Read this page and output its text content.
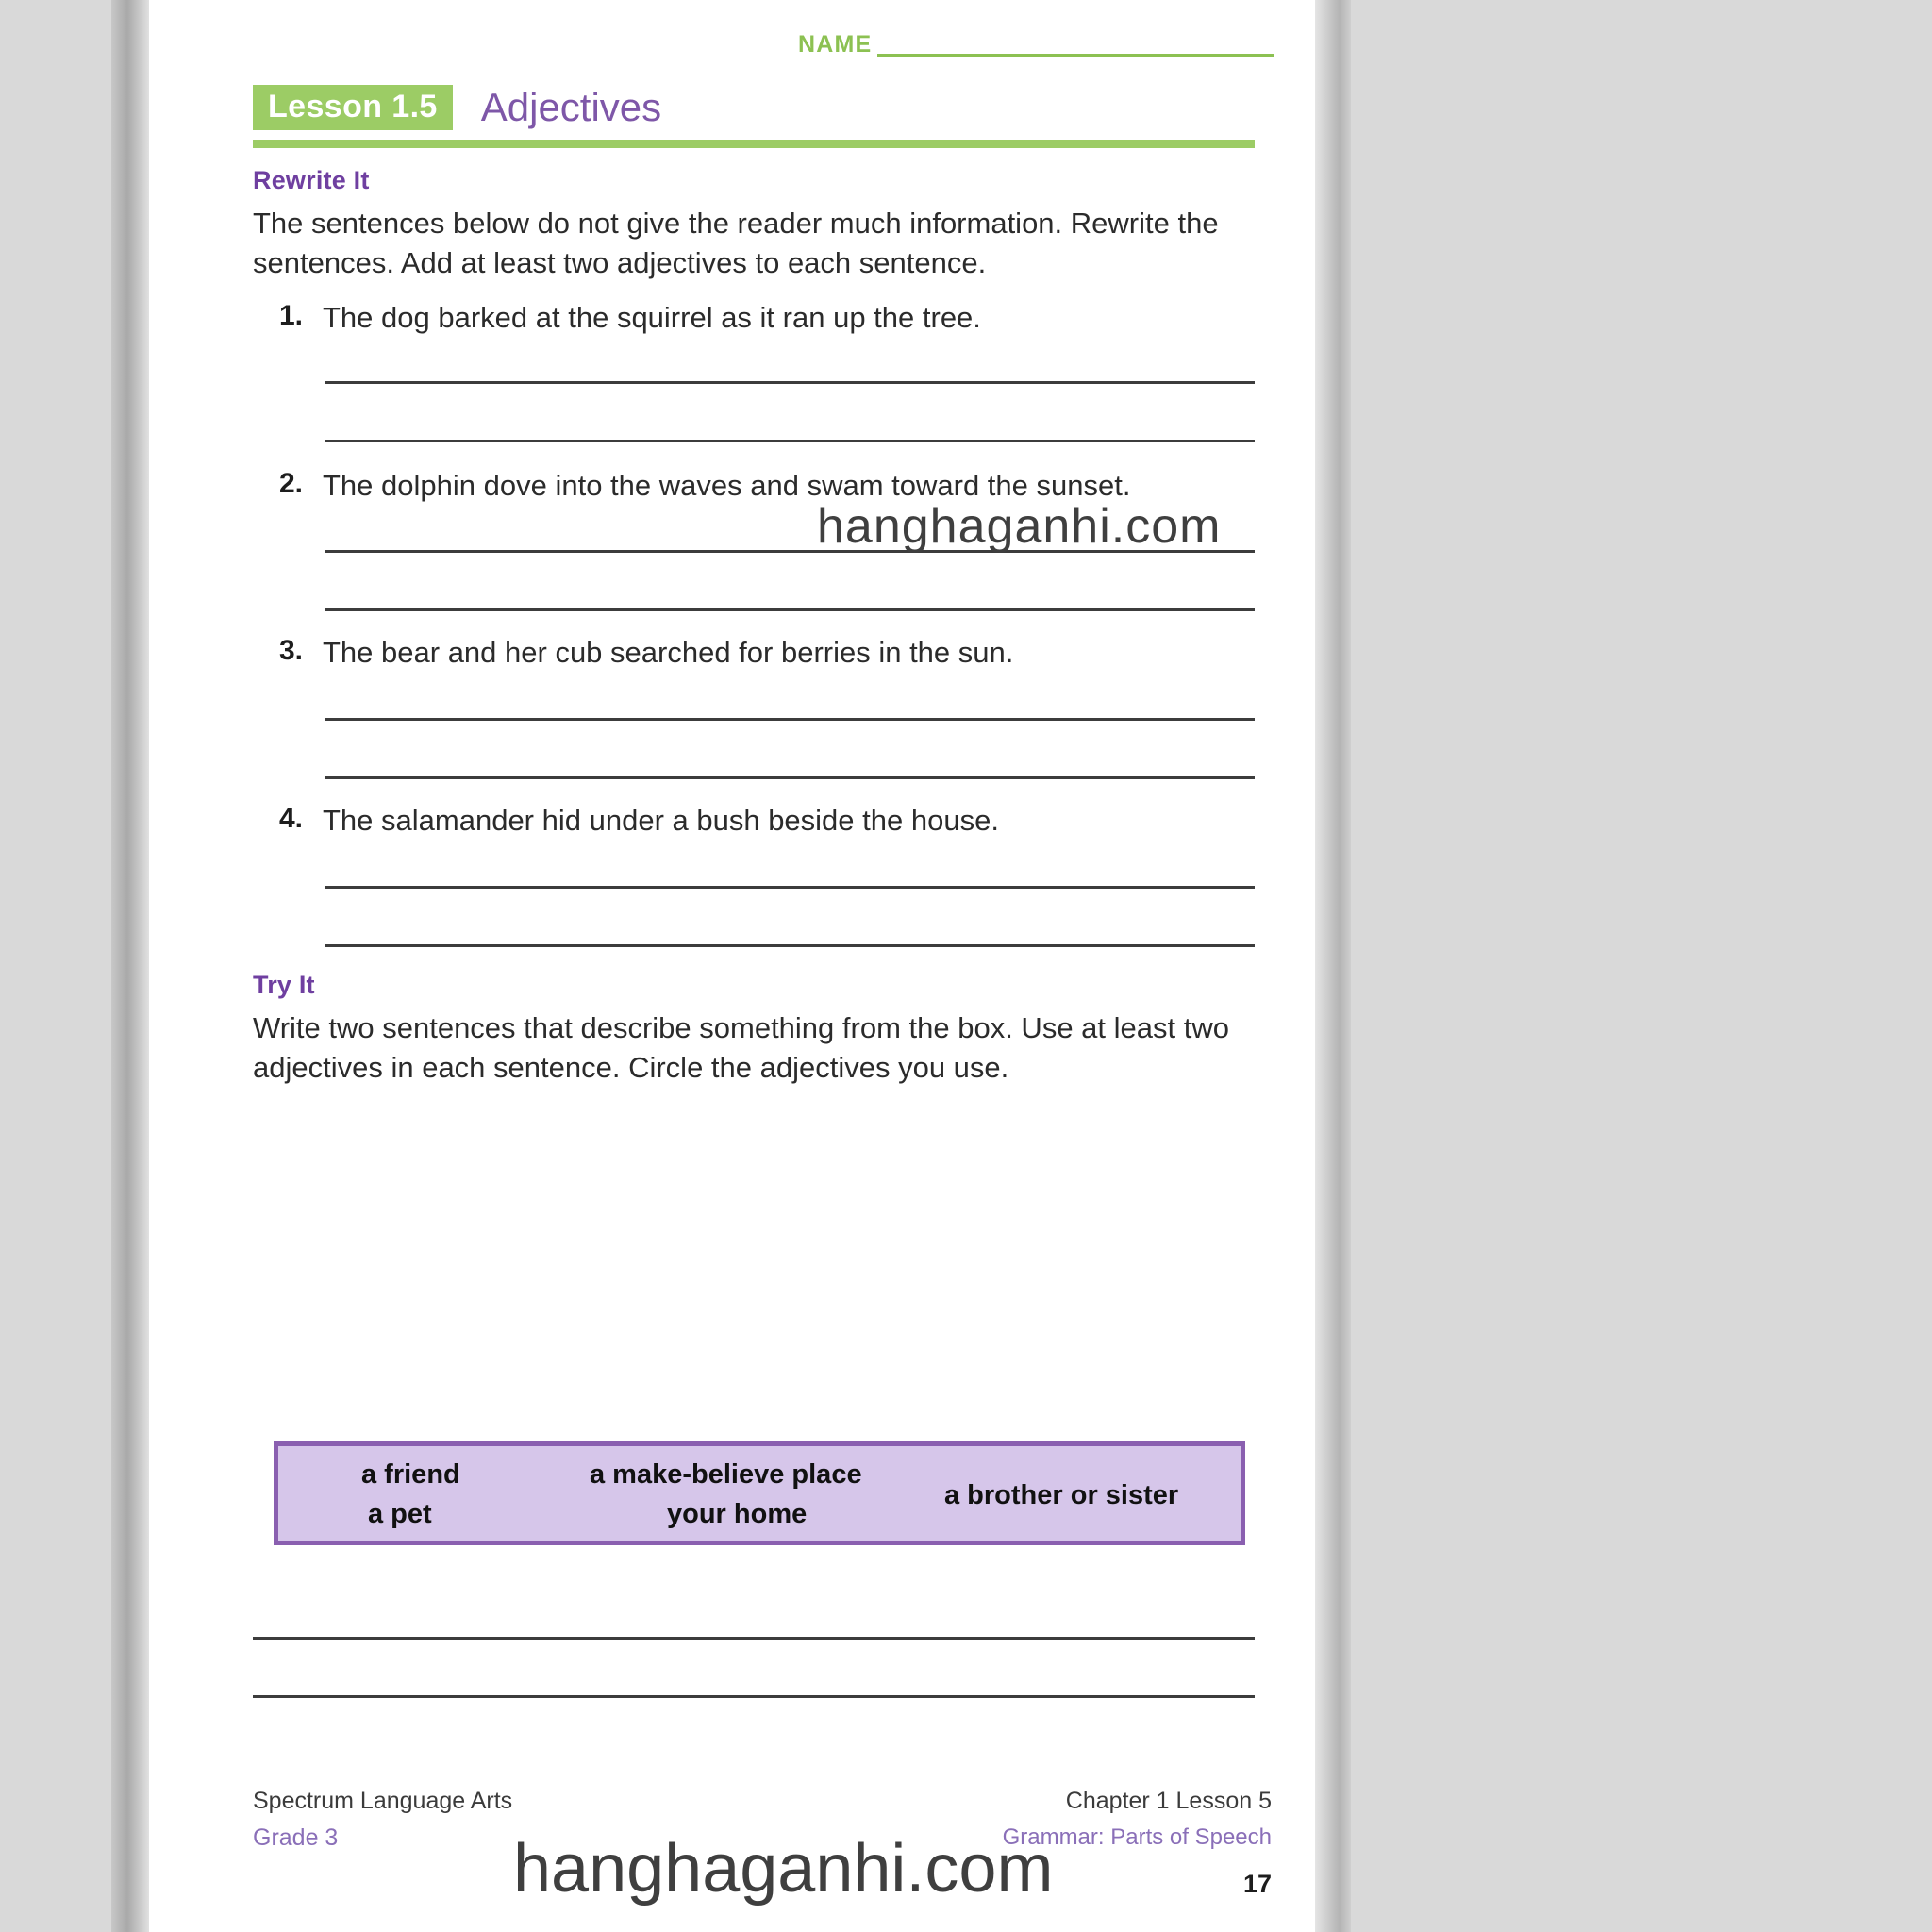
NAME
Lesson 1.5	Adjectives
Rewrite It
The sentences below do not give the reader much information. Rewrite the sentences. Add at least two adjectives to each sentence.
1. The dog barked at the squirrel as it ran up the tree.
2. The dolphin dove into the waves and swam toward the sunset.
3. The bear and her cub searched for berries in the sun.
4. The salamander hid under a bush beside the house.
Try It
Write two sentences that describe something from the box. Use at least two adjectives in each sentence. Circle the adjectives you use.
a friend	a make-believe place
a pet	your home
a brother or sister
Spectrum Language Arts
Grade 3
Chapter 1 Lesson 5
Grammar: Parts of Speech
17
hanghaganhi.com
hanghaganhi.com
